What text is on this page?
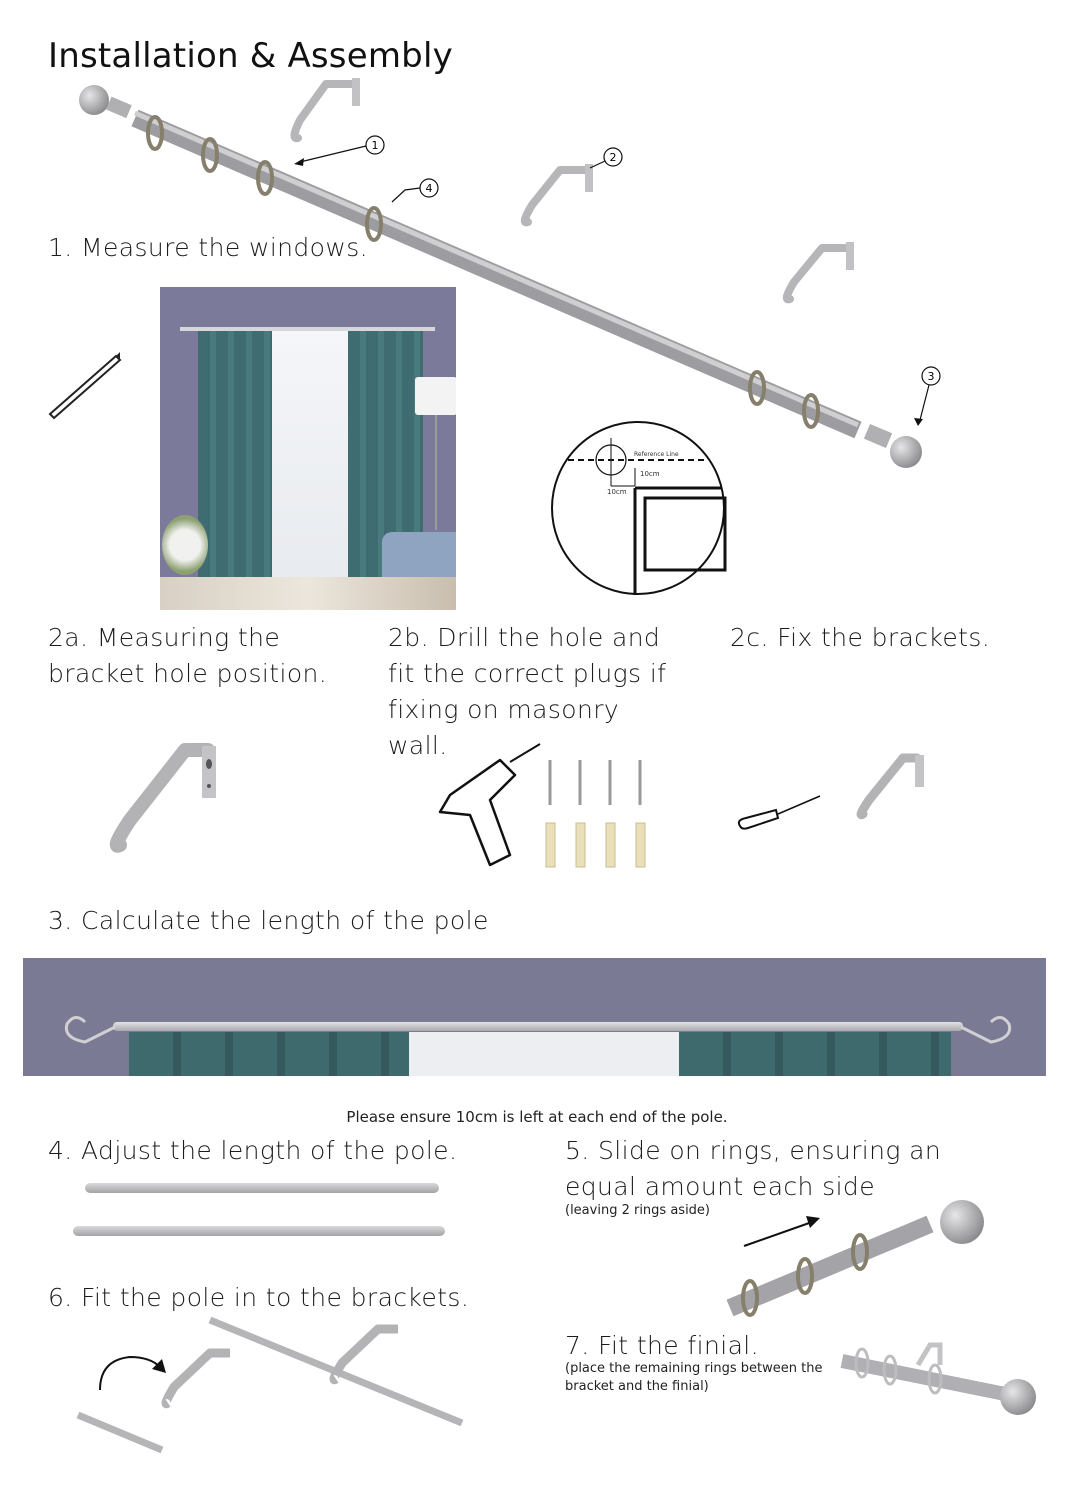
Installation & Assembly
1
2
3
4
1. Measure the windows.
Reference Line
10cm
10cm
2a. Measuring the
bracket hole position.
2b. Drill the hole and
fit the correct plugs if
fixing on masonry
wall.
2c. Fix the brackets.
3. Calculate the length of the pole
Please ensure 10cm is left at each end of the pole.
4. Adjust the length of the pole.	5. Slide on rings, ensuring an
equal amount each side
(leaving 2 rings aside)
6. Fit the pole in to the brackets.
7. Fit the finial.
(place the remaining rings between the
bracket and the finial)
